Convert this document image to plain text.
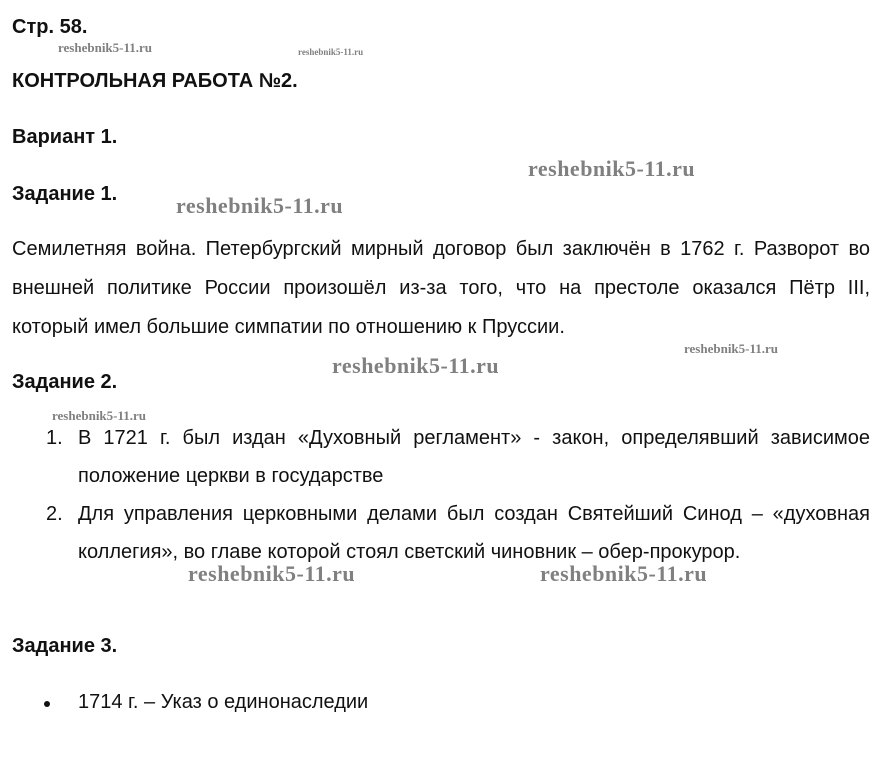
Стр. 58.
КОНТРОЛЬНАЯ РАБОТА №2.
Вариант 1.
Задание 1.
Семилетняя война. Петербургский мирный договор был заключён в 1762 г. Разворот во внешней политике России произошёл из-за того, что на престоле оказался Пётр III, который имел большие симпатии по отношению к Пруссии.
Задание 2.
1. В 1721 г. был издан «Духовный регламент» - закон, определявший зависимое положение церкви в государстве
2. Для управления церковными делами был создан Святейший Синод – «духовная коллегия», во главе которой стоял светский чиновник – обер-прокурор.
Задание 3.
1714 г. – Указ о единонаследии
reshebnik5-11.ru	reshebnik5-11.ru
reshebnik5-11.ru
reshebnik5-11.ru
reshebnik5-11.ru
reshebnik5-11.ru
reshebnik5-11.ru
reshebnik5-11.ru	reshebnik5-11.ru
